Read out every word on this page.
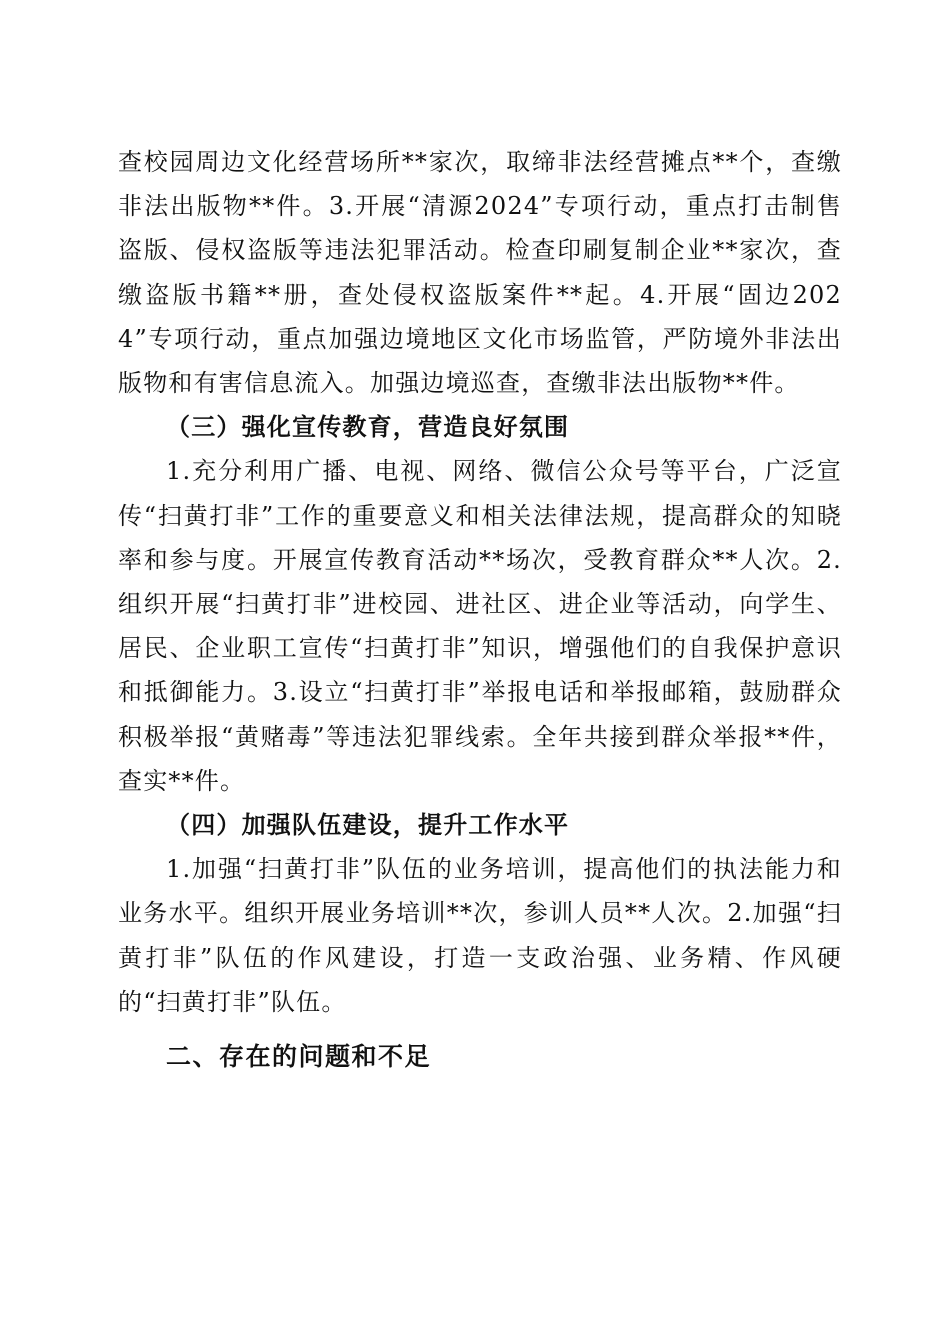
查校园周边文化经营场所**家次，取缔非法经营摊点**个，查缴非法出版物**件。3.开展“清源2024”专项行动，重点打击制售盗版、侵权盗版等违法犯罪活动。检查印刷复制企业**家次，查缴盗版书籍**册，查处侵权盗版案件**起。4.开展“固边2024”专项行动，重点加强边境地区文化市场监管，严防境外非法出版物和有害信息流入。加强边境巡查，查缴非法出版物**件。

（三）强化宣传教育，营造良好氛围

1.充分利用广播、电视、网络、微信公众号等平台，广泛宣传“扫黄打非”工作的重要意义和相关法律法规，提高群众的知晓率和参与度。开展宣传教育活动**场次，受教育群众**人次。2.组织开展“扫黄打非”进校园、进社区、进企业等活动，向学生、居民、企业职工宣传“扫黄打非”知识，增强他们的自我保护意识和抵御能力。3.设立“扫黄打非”举报电话和举报邮箱，鼓励群众积极举报“黄赌毒”等违法犯罪线索。全年共接到群众举报**件，查实**件。

（四）加强队伍建设，提升工作水平

1.加强“扫黄打非”队伍的业务培训，提高他们的执法能力和业务水平。组织开展业务培训**次，参训人员**人次。2.加强“扫黄打非”队伍的作风建设，打造一支政治强、业务精、作风硬的“扫黄打非”队伍。

二、存在的问题和不足
